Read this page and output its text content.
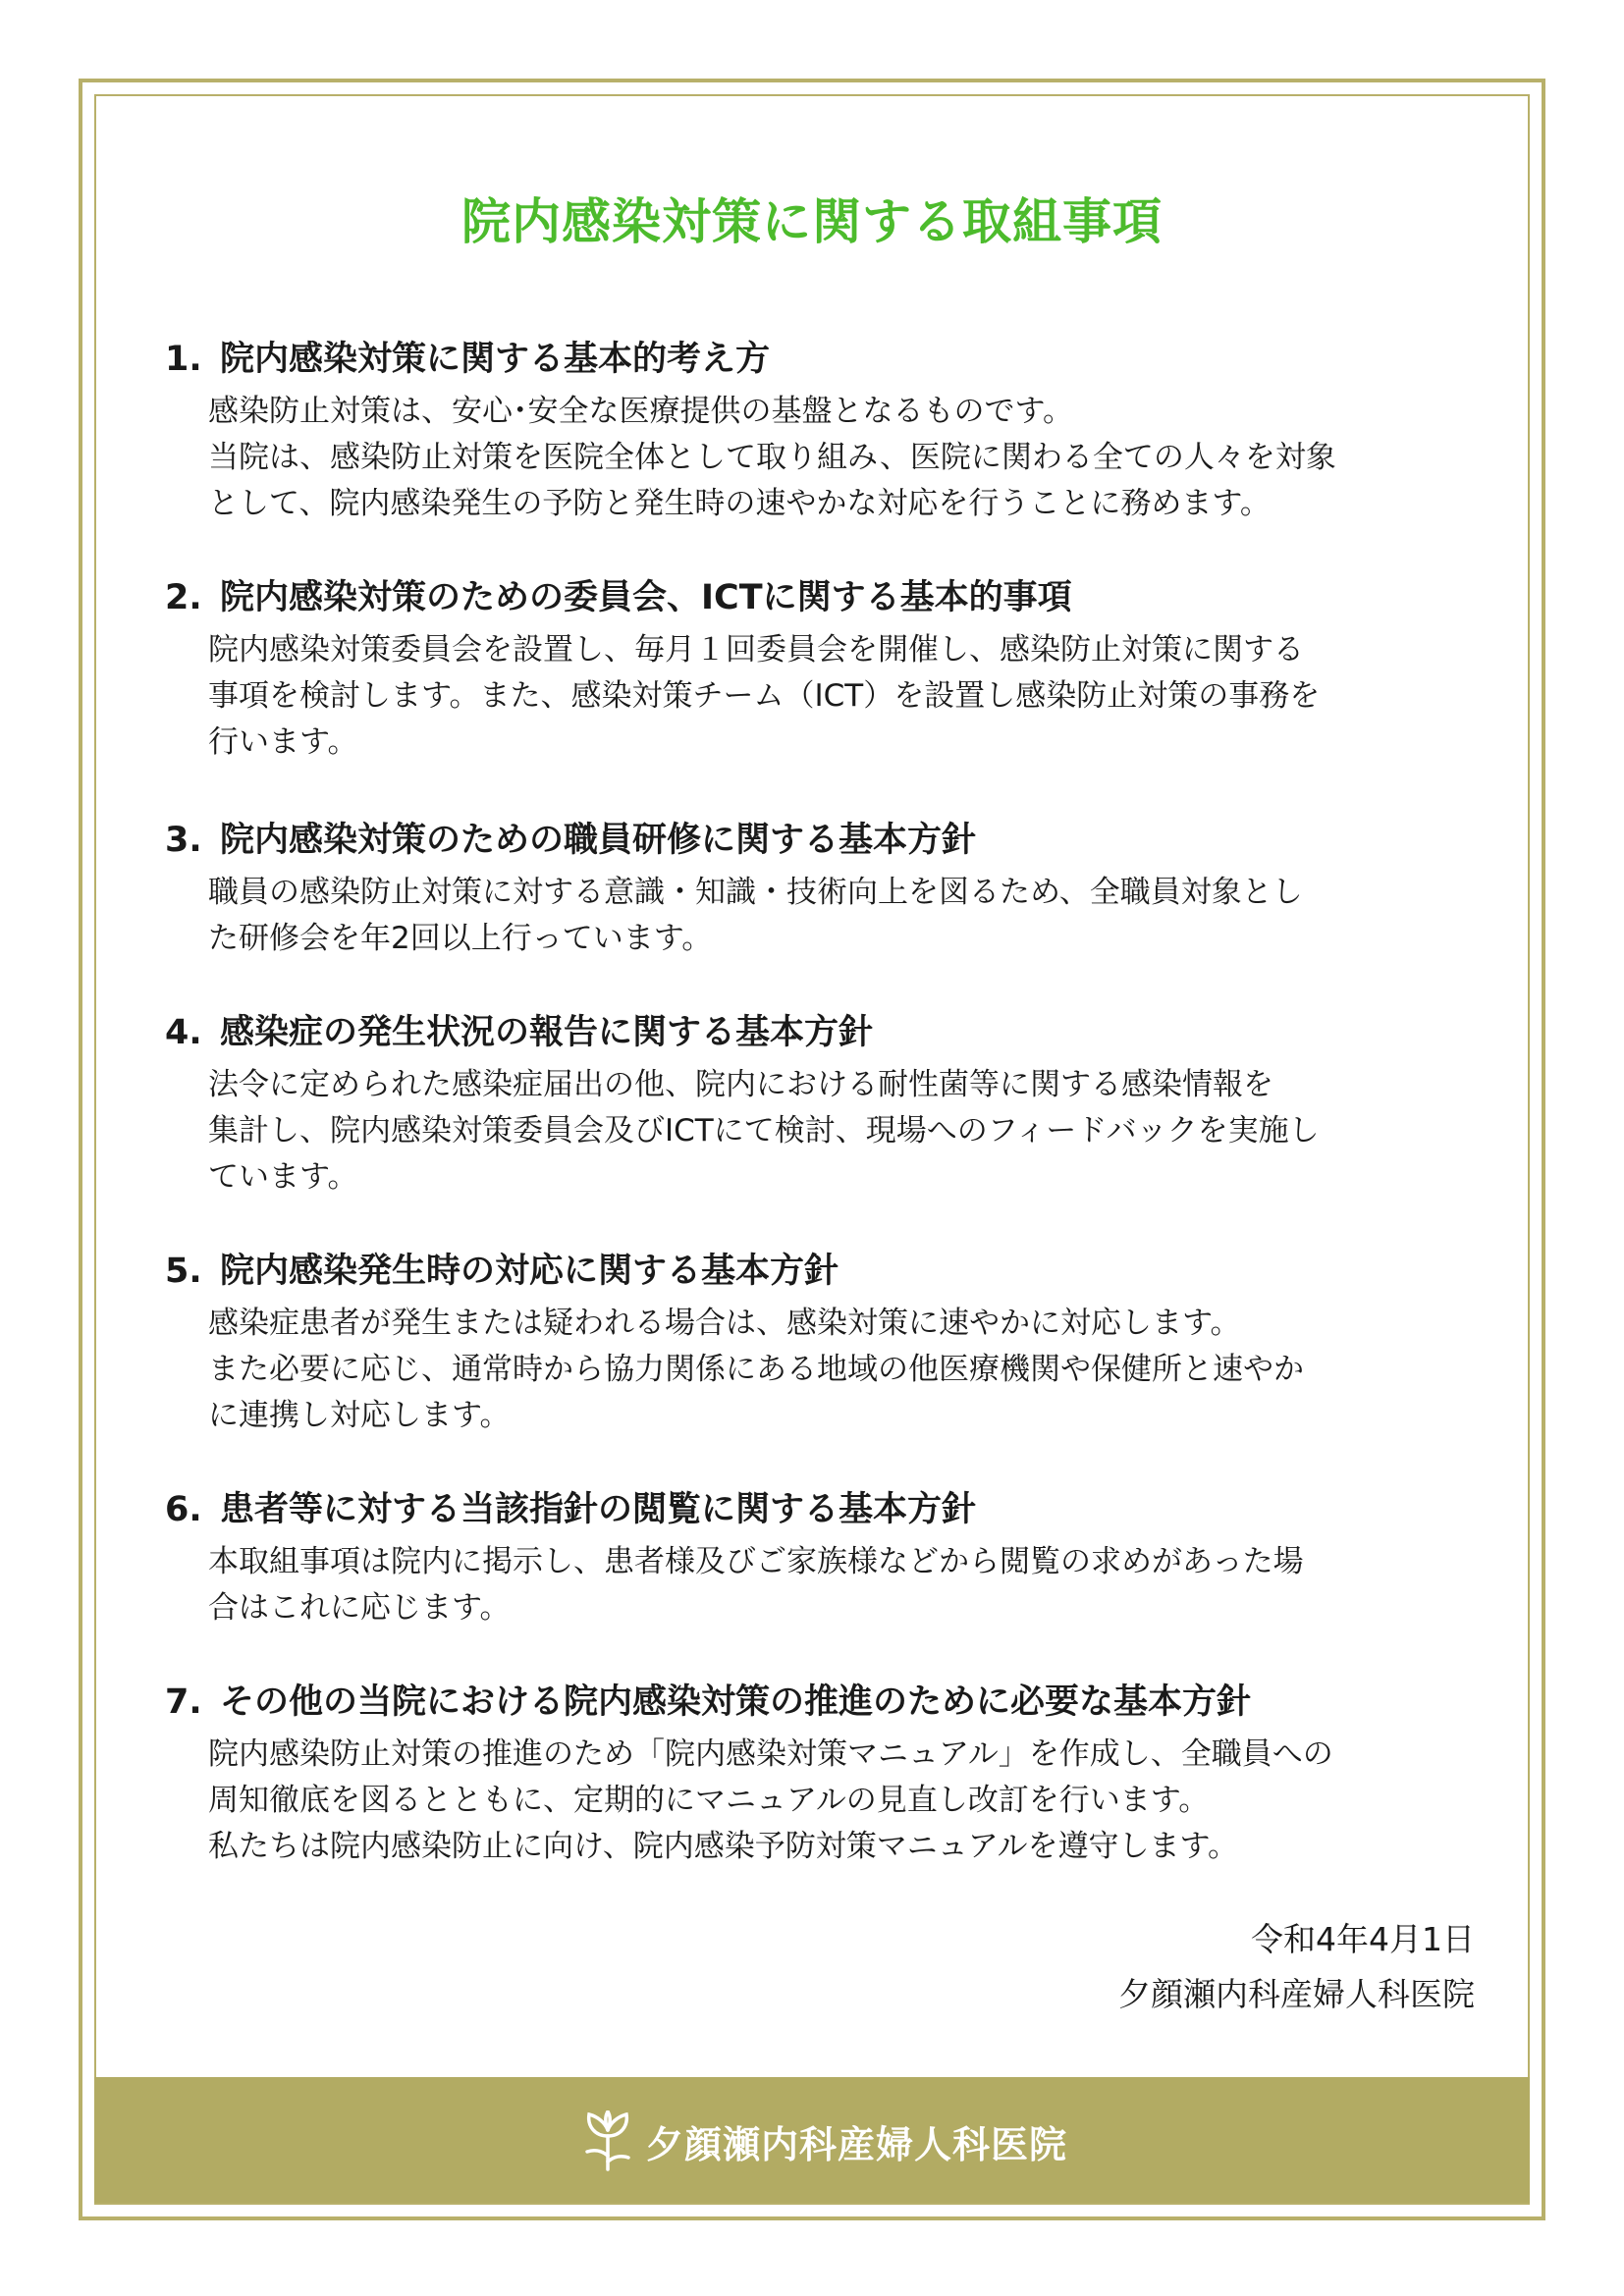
院内感染対策に関する取組事項
1. 院内感染対策に関する基本的考え方

感染防止対策は、安心･安全な医療提供の基盤となるものです。

当院は、感染防止対策を医院全体として取り組み、医院に関わる全ての人々を対象

として、院内感染発生の予防と発生時の速やかな対応を行うことに務めます。

2. 院内感染対策のための委員会、ICTに関する基本的事項

院内感染対策委員会を設置し、毎月１回委員会を開催し、感染防止対策に関する

事項を検討します。また、感染対策チーム（ICT）を設置し感染防止対策の事務を

行います。

3. 院内感染対策のための職員研修に関する基本方針

職員の感染防止対策に対する意識・知識・技術向上を図るため、全職員対象とし

た研修会を年2回以上行っています。

4. 感染症の発生状況の報告に関する基本方針

法令に定められた感染症届出の他、院内における耐性菌等に関する感染情報を

集計し、院内感染対策委員会及びICTにて検討、現場へのフィードバックを実施し

ています。

5. 院内感染発生時の対応に関する基本方針

感染症患者が発生または疑われる場合は、感染対策に速やかに対応します。

また必要に応じ、通常時から協力関係にある地域の他医療機関や保健所と速やか

に連携し対応します。

6. 患者等に対する当該指針の閲覧に関する基本方針

本取組事項は院内に掲示し、患者様及びご家族様などから閲覧の求めがあった場

合はこれに応じます。

7. その他の当院における院内感染対策の推進のために必要な基本方針

院内感染防止対策の推進のため「院内感染対策マニュアル」を作成し、全職員への

周知徹底を図るとともに、定期的にマニュアルの見直し改訂を行います。

私たちは院内感染防止に向け、院内感染予防対策マニュアルを遵守します。

令和4年4月1日
夕顔瀬内科産婦人科医院
夕顔瀬内科産婦人科医院
